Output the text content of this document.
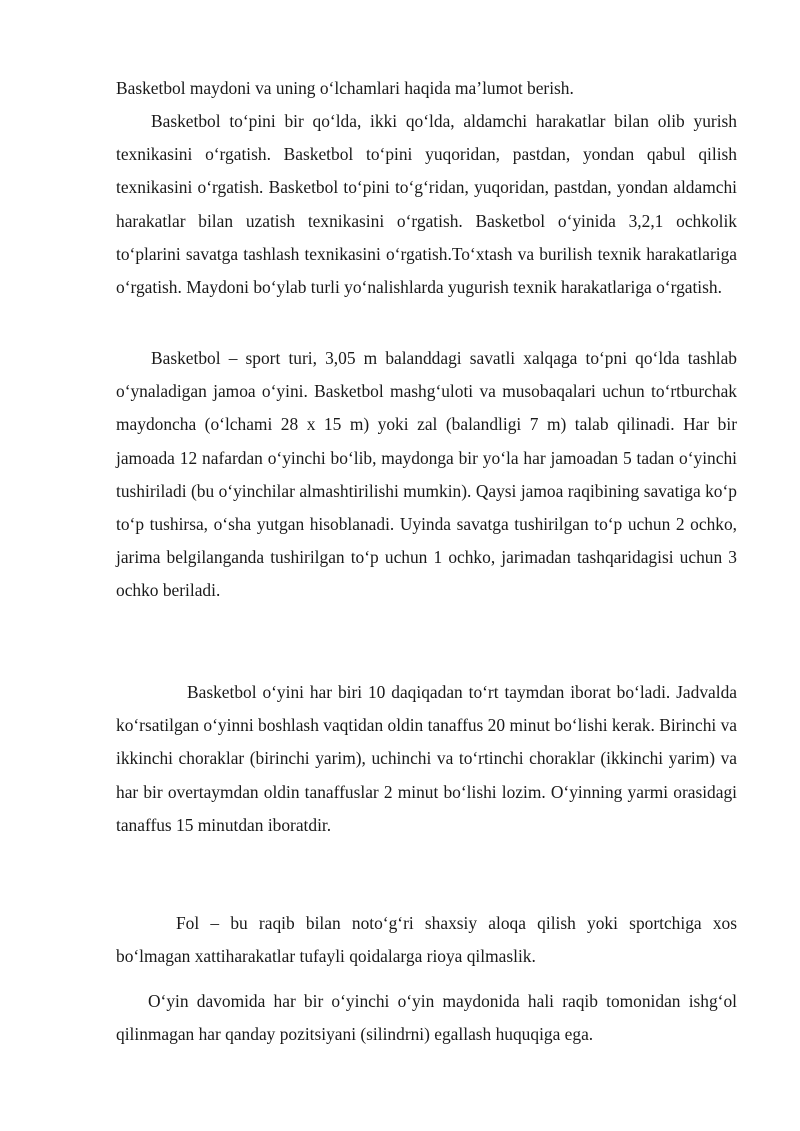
Basketbol maydoni va uning o‘lchamlari haqida ma’lumot berish.

Basketbol to‘pini bir qo‘lda, ikki qo‘lda, aldamchi harakatlar bilan olib yurish texnikasini o‘rgatish. Basketbol to‘pini yuqoridan, pastdan, yondan qabul qilish texnikasini o‘rgatish. Basketbol to‘pini to‘g‘ridan, yuqoridan, pastdan, yondan aldamchi harakatlar bilan uzatish texnikasini o‘rgatish. Basketbol o‘yinida 3,2,1 ochkolik to‘plarini savatga tashlash texnikasini o‘rgatish.To‘xtash va burilish texnik harakatlariga o‘rgatish. Maydoni bo‘ylab turli yo‘nalishlarda yugurish texnik harakatlariga o‘rgatish.

Basketbol – sport turi, 3,05 m balanddagi savatli xalqaga to‘pni qo‘lda tashlab o‘ynaladigan jamoa o‘yini. Basketbol mashg‘uloti va musobaqalari uchun to‘rtburchak maydoncha (o‘lchami 28 x 15 m) yoki zal (balandligi 7 m) talab qilinadi. Har bir jamoada 12 nafardan o‘yinchi bo‘lib, maydonga bir yo‘la har jamoadan 5 tadan o‘yinchi tushiriladi (bu o‘yinchilar almashtirilishi mumkin). Qaysi jamoa raqibining savatiga ko‘p to‘p tushirsa, o‘sha yutgan hisoblanadi. Uyinda savatga tushirilgan to‘p uchun 2 ochko, jarima belgilanganda tushirilgan to‘p uchun 1 ochko, jarimadan tashqaridagisi uchun 3 ochko beriladi.

Basketbol o‘yini har biri 10 daqiqadan to‘rt taymdan iborat bo‘ladi. Jadvalda ko‘rsatilgan o‘yinni boshlash vaqtidan oldin tanaffus 20 minut bo‘lishi kerak. Birinchi va ikkinchi choraklar (birinchi yarim), uchinchi va to‘rtinchi choraklar (ikkinchi yarim) va har bir overtaymdan oldin tanaffuslar 2 minut bo‘lishi lozim. O‘yinning yarmi orasidagi tanaffus 15 minutdan iboratdir.

Fol – bu raqib bilan noto‘g‘ri shaxsiy aloqa qilish yoki sportchiga xos bo‘lmagan xattiharakatlar tufayli qoidalarga rioya qilmaslik.

O‘yin davomida har bir o‘yinchi o‘yin maydonida hali raqib tomonidan ishg‘ol qilinmagan har qanday pozitsiyani (silindrni) egallash huquqiga ega.
